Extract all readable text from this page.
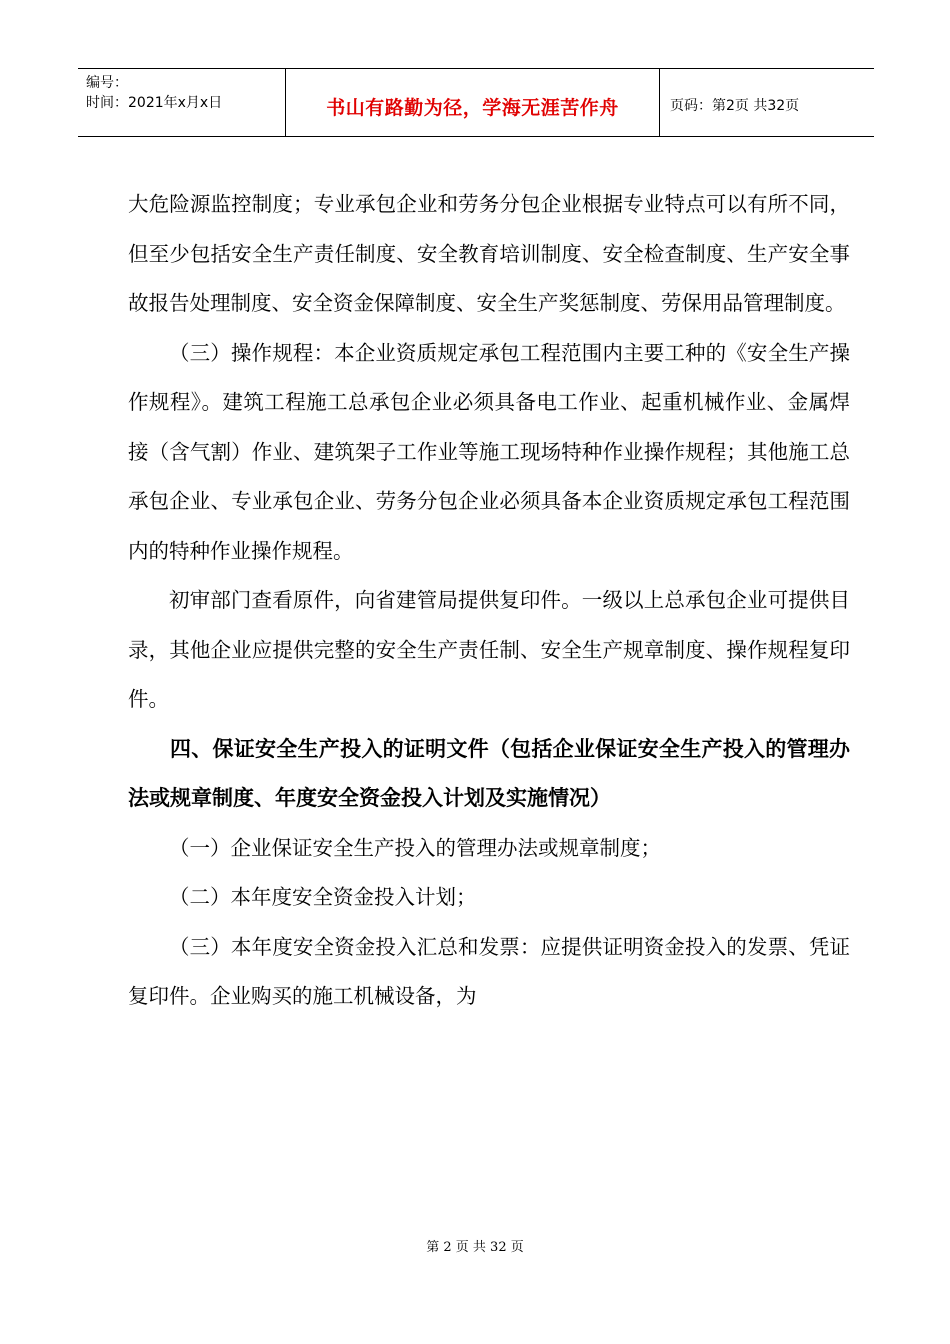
编号：
时间：2021年x月x日	书山有路勤为径，学海无涯苦作舟	页码：第2页 共32页

大危险源监控制度；专业承包企业和劳务分包企业根据专业特点可以有所不同，但至少包括安全生产责任制度、安全教育培训制度、安全检查制度、生产安全事故报告处理制度、安全资金保障制度、安全生产奖惩制度、劳保用品管理制度。

（三）操作规程：本企业资质规定承包工程范围内主要工种的《安全生产操作规程》。建筑工程施工总承包企业必须具备电工作业、起重机械作业、金属焊接（含气割）作业、建筑架子工作业等施工现场特种作业操作规程；其他施工总承包企业、专业承包企业、劳务分包企业必须具备本企业资质规定承包工程范围内的特种作业操作规程。

初审部门查看原件，向省建管局提供复印件。一级以上总承包企业可提供目录，其他企业应提供完整的安全生产责任制、安全生产规章制度、操作规程复印件。

四、保证安全生产投入的证明文件（包括企业保证安全生产投入的管理办法或规章制度、年度安全资金投入计划及实施情况）

（一）企业保证安全生产投入的管理办法或规章制度；

（二）本年度安全资金投入计划；

（三）本年度安全资金投入汇总和发票：应提供证明资金投入的发票、凭证复印件。企业购买的施工机械设备，为

第 2 页 共 32 页
